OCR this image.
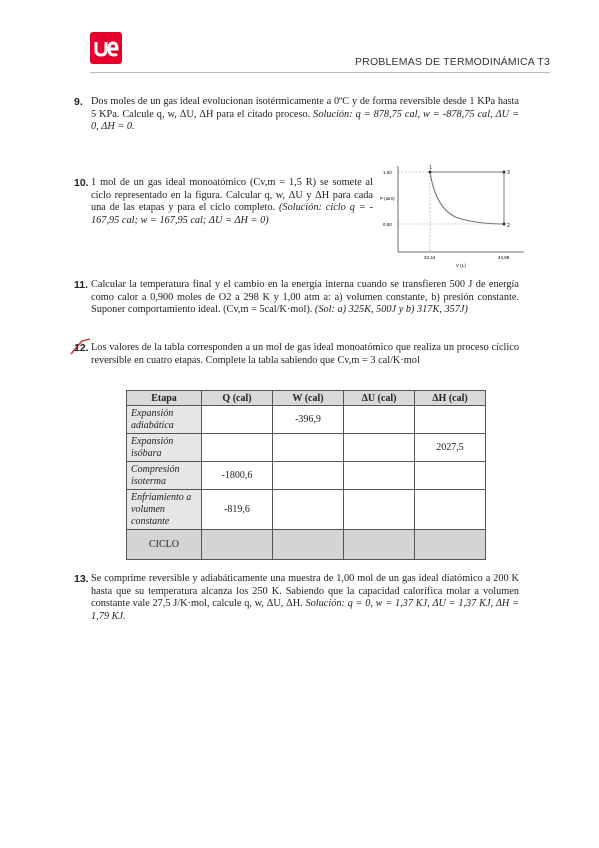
PROBLEMAS DE TERMODINÁMICA T3
9. Dos moles de un gas ideal evolucionan isotérmicamente a 0ºC y de forma reversible desde 1 KPa hasta 5 KPa. Calcule q, w, ΔU, ΔH para el citado proceso. Solución: q = 878,75 cal, w = -878,75 cal, ΔU = 0, ΔH = 0.
10. 1 mol de un gas ideal monoatómico (Cv,m = 1,5 R) se somete al ciclo representado en la figura. Calcular q, w, ΔU y ΔH para cada una de las etapas y para el ciclo completo. (Solución: ciclo q = - 167,95 cal; w = 167,95 cal; ΔU = ΔH = 0)
1
2
3
1,00
0,50
22,44	44,88
P (atm)
V (L)
11. Calcular la temperatura final y el cambio en la energía interna cuando se transfieren 500 J de energía como calor a 0,900 moles de O2 a 298 K y 1,00 atm a: a) volumen constante, b) presión constante. Suponer comportamiento ideal. (Cv,m = 5cal/K·mol). (Sol: a) 325K, 500J y b) 317K, 357J)
12. Los valores de la tabla corresponden a un mol de gas ideal monoatómico que realiza un proceso cíclico reversible en cuatro etapas. Complete la tabla sabiendo que Cv,m = 3 cal/K·mol
Etapa	Q (cal)	W (cal)	ΔU (cal)	ΔH (cal)
Expansión adiabática		-396,9		
Expansión isóbara				2027,5
Compresión isoterma	-1800,6			
Enfriamiento a volumen constante	-819,6			
CICLO				
13. Se comprime reversible y adiabáticamente una muestra de 1,00 mol de un gas ideal diatómico a 200 K hasta que su temperatura alcanza los 250 K. Sabiendo que la capacidad calorífica molar a volumen constante vale 27,5 J/K·mol, calcule q, w, ΔU, ΔH. Solución: q = 0, w = 1,37 KJ, ΔU = 1,37 KJ, ΔH = 1,79 KJ.
